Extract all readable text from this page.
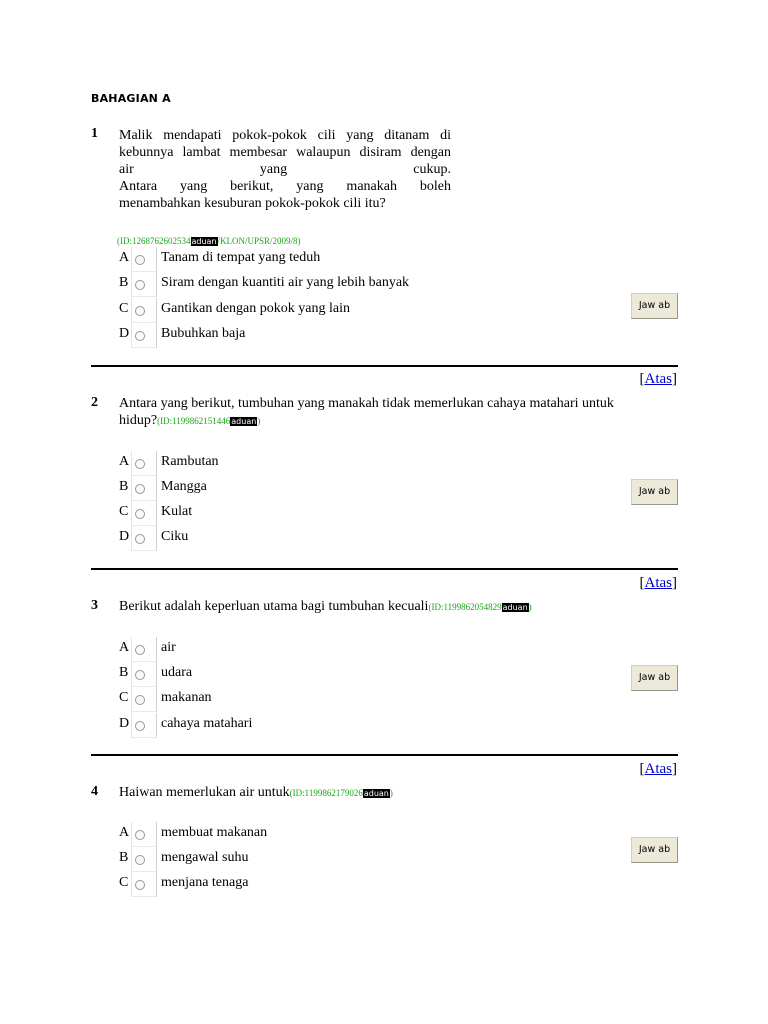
BAHAGIAN A
1 Malik mendapati pokok-pokok cili yang ditanam di
kebunnya lambat membesar walaupun disiram dengan
air yang cukup.
Antara yang berikut, yang manakah boleh
menambahkan kesuburan pokok-pokok cili itu?
(ID:1268762602534aduan/KLON/UPSR/2009/8)
A Tanam di tempat yang teduh
B	Siram dengan kuantiti air yang lebih banyak
C	Gantikan dengan pokok yang lain
D Bubuhkan baja
Jaw ab
[Atas]
2 Antara yang berikut, tumbuhan yang manakah tidak memerlukan cahaya matahari untuk
hidup?(ID:1199862151446aduan)
A Rambutan
B	Mangga
C	Kulat
D Ciku
Jaw ab
[Atas]
3 Berikut adalah keperluan utama bagi tumbuhan kecuali(ID:1199862054829aduan)
A air
B	udara
C	makanan
D cahaya matahari
Jaw ab
[Atas]
4 Haiwan memerlukan air untuk(ID:1199862179026aduan)
A membuat makanan
B	mengawal suhu
C	menjana tenaga
Jaw ab
